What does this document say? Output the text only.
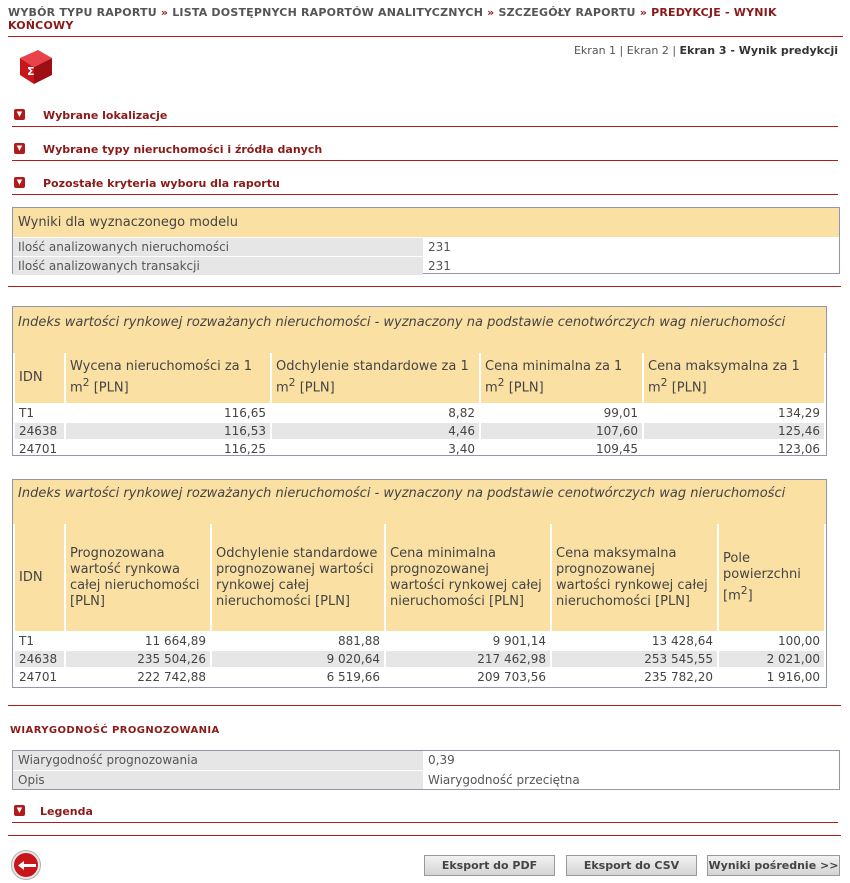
WYBÓR TYPU RAPORTU » LISTA DOSTĘPNYCH RAPORTÓW ANALITYCZNYCH » SZCZEGÓŁY RAPORTU » PREDYKCJE - WYNIK KOŃCOWY
Σ
Ekran 1 | Ekran 2 | Ekran 3 - Wynik predykcji
▼ Wybrane lokalizacje
▼ Wybrane typy nieruchomości i źródła danych
▼ Pozostałe kryteria wyboru dla raportu
Wyniki dla wyznaczonego modelu
Ilość analizowanych nieruchomości	231
Ilość analizowanych transakcji	231
Indeks wartości rynkowej rozważanych nieruchomości - wyznaczony na podstawie cenotwórczych wag nieruchomości
IDN	Wycena nieruchomości za 1 $m^2$ [PLN]	Odchylenie standardowe za 1 $m^2$ [PLN]	Cena minimalna za 1 $m^2$ [PLN]	Cena maksymalna za 1 $m^2$ [PLN]
T1	116,65	8,82	99,01	134,29
24638	116,53	4,46	107,60	125,46
24701	116,25	3,40	109,45	123,06
Indeks wartości rynkowej rozważanych nieruchomości - wyznaczony na podstawie cenotwórczych wag nieruchomości
IDN	Prognozowana wartość rynkowa całej nieruchomości [PLN]	Odchylenie standardowe prognozowanej wartości rynkowej całej nieruchomości [PLN]	Cena minimalna prognozowanej wartości rynkowej całej nieruchomości [PLN]	Cena maksymalna prognozowanej wartości rynkowej całej nieruchomości [PLN]	Pole powierzchni $[m^2]$
T1	11 664,89	881,88	9 901,14	13 428,64	100,00
24638	235 504,26	9 020,64	217 462,98	253 545,55	2 021,00
24701	222 742,88	6 519,66	209 703,56	235 782,20	1 916,00
WIARYGODNOŚĆ PROGNOZOWANIA
Wiarygodność prognozowania	0,39
Opis	Wiarygodność przeciętna
▼ Legenda
Eksport do PDF	Eksport do CSV	Wyniki pośrednie >>
